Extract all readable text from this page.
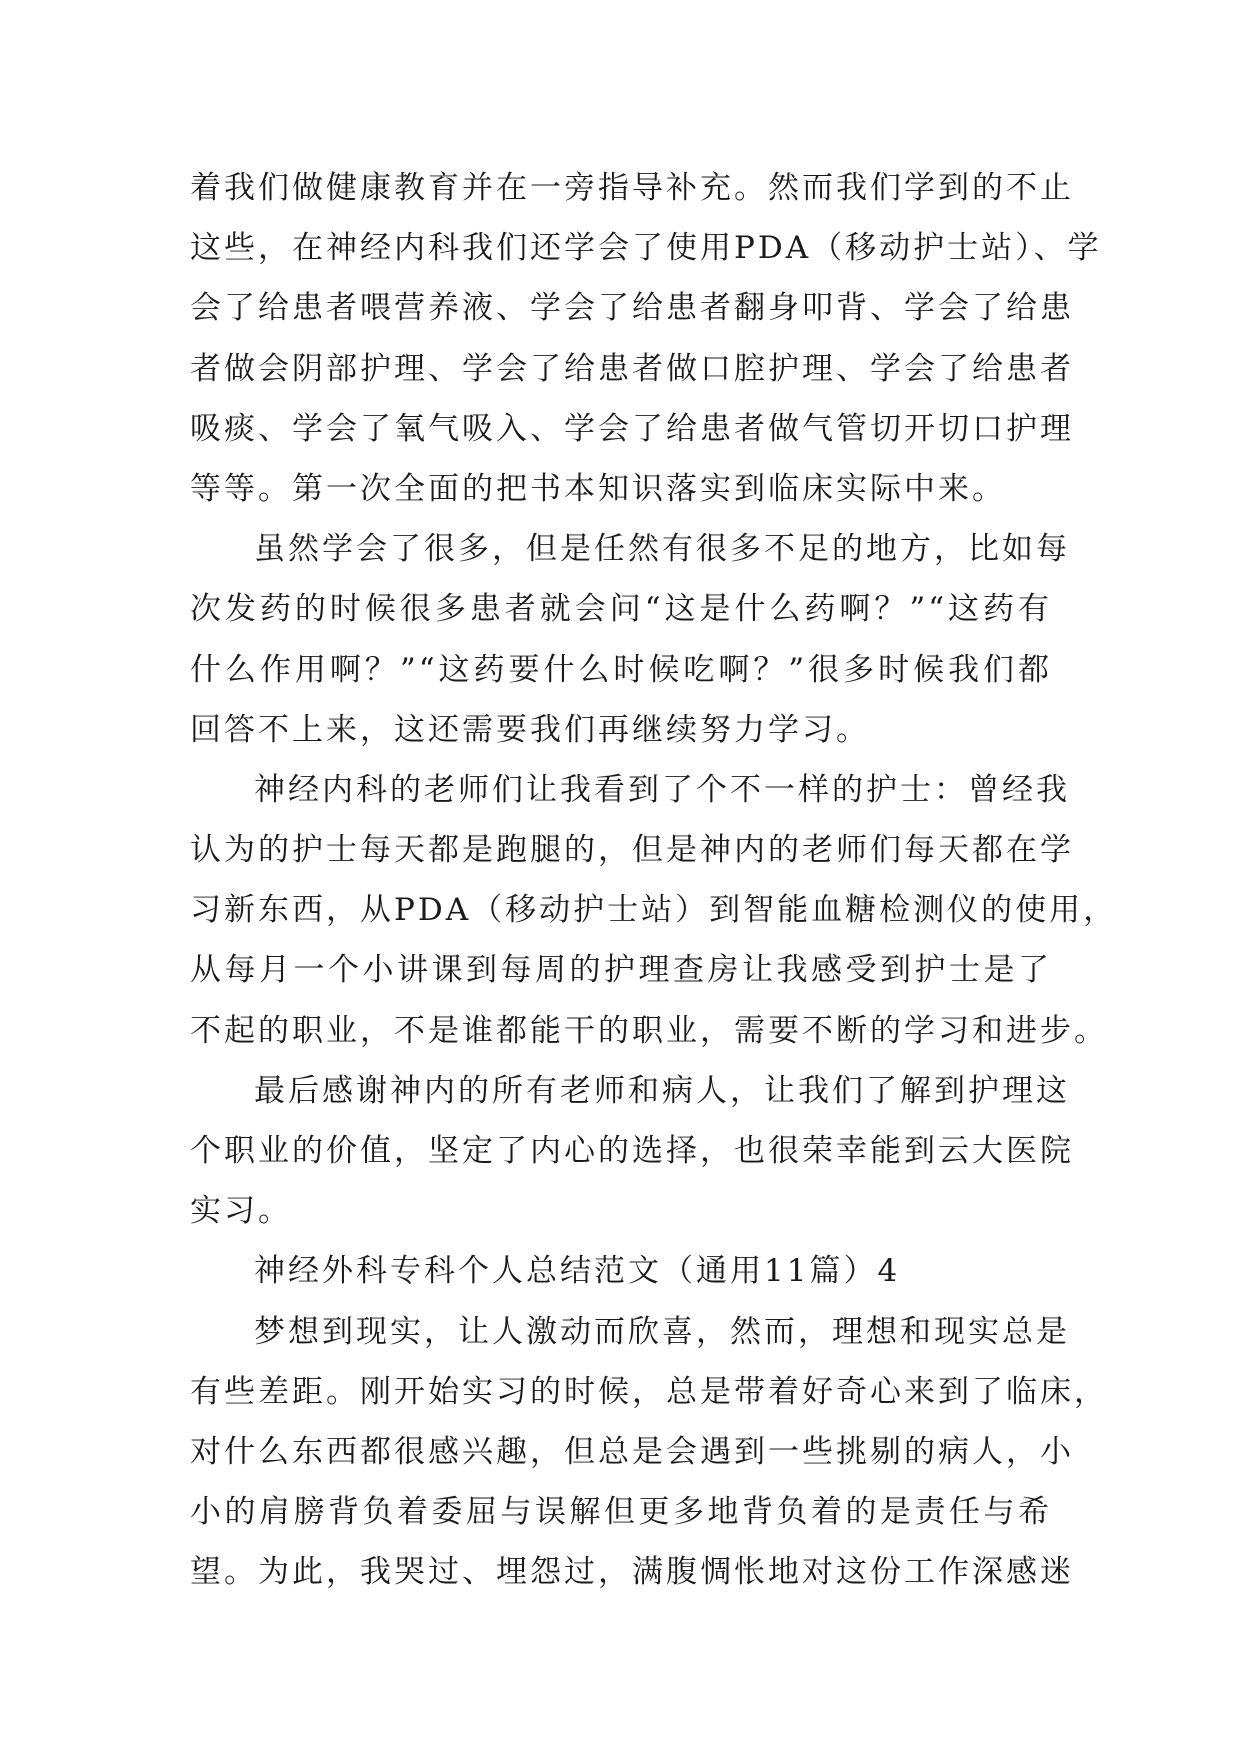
着我们做健康教育并在一旁指导补充。然而我们学到的不止
这些，在神经内科我们还学会了使用PDA（移动护士站）、学
会了给患者喂营养液、学会了给患者翻身叩背、学会了给患
者做会阴部护理、学会了给患者做口腔护理、学会了给患者
吸痰、学会了氧气吸入、学会了给患者做气管切开切口护理
等等。第一次全面的把书本知识落实到临床实际中来。
虽然学会了很多，但是任然有很多不足的地方，比如每
次发药的时候很多患者就会问“这是什么药啊？”“这药有
什么作用啊？”“这药要什么时候吃啊？”很多时候我们都
回答不上来，这还需要我们再继续努力学习。
神经内科的老师们让我看到了个不一样的护士：曾经我
认为的护士每天都是跑腿的，但是神内的老师们每天都在学
习新东西，从PDA（移动护士站）到智能血糖检测仪的使用，
从每月一个小讲课到每周的护理查房让我感受到护士是了
不起的职业，不是谁都能干的职业，需要不断的学习和进步。
最后感谢神内的所有老师和病人，让我们了解到护理这
个职业的价值，坚定了内心的选择，也很荣幸能到云大医院
实习。
神经外科专科个人总结范文（通用11篇）4
梦想到现实，让人激动而欣喜，然而，理想和现实总是
有些差距。刚开始实习的时候，总是带着好奇心来到了临床，
对什么东西都很感兴趣，但总是会遇到一些挑剔的病人，小
小的肩膀背负着委屈与误解但更多地背负着的是责任与希
望。为此，我哭过、埋怨过，满腹惆怅地对这份工作深感迷
